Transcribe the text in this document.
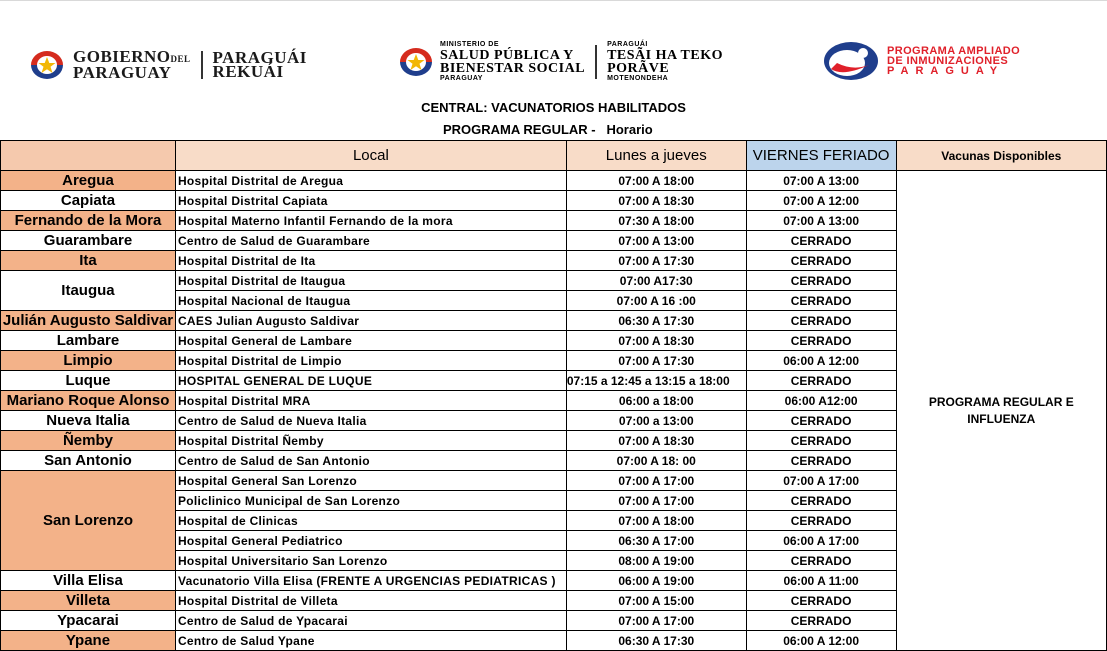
GOBIERNODEL
PARAGUAY
PARAGUÁI
REKUÁI
MINISTERIO DE
SALUD PÚBLICA Y
BIENESTAR SOCIAL
PARAGUAY
PARAGUÁI
TESÃI HA TEKO
PORÃVE
MOTENONDEHA
PROGRAMA AMPLIADO
DE INMUNIZACIONES
PARAGUAY
CENTRAL: VACUNATORIOS HABILITADOS
PROGRAMA REGULAR -   Horario
	Local	Lunes a jueves	VIERNES FERIADO	Vacunas Disponibles
Aregua	Hospital Distrital de Aregua	07:00 A 18:00	07:00 A 13:00	PROGRAMA REGULAR E INFLUENZA

Capiata	Hospital Distrital Capiata	07:00 A 18:30	07:00 A 12:00	
Fernando de la Mora	Hospital Materno Infantil Fernando de la mora	07:30 A 18:00	07:00 A 13:00	
Guarambare	Centro de Salud de Guarambare	07:00 A 13:00	CERRADO	
Ita	Hospital Distrital de Ita	07:00 A 17:30	CERRADO	
Itaugua	Hospital Distrital de Itaugua	07:00 A17:30	CERRADO	
	Hospital Nacional de Itaugua	07:00 A 16 :00	CERRADO	
Julián Augusto Saldivar	CAES Julian Augusto Saldivar	06:30 A 17:30	CERRADO	
Lambare	Hospital General de Lambare	07:00 A 18:30	CERRADO	
Limpio	Hospital Distrital de Limpio	07:00 A 17:30	06:00 A 12:00	
Luque	HOSPITAL GENERAL DE LUQUE	07:15 a 12:45 a 13:15 a 18:00	CERRADO	
Mariano Roque Alonso	Hospital Distrital MRA	06:00 a 18:00	06:00 A12:00	
Nueva Italia	Centro de Salud de Nueva Italia	07:00 a 13:00	CERRADO	
Ñemby	Hospital Distrital Ñemby	07:00 A 18:30	CERRADO	
San Antonio	Centro de Salud de San Antonio	07:00 A 18: 00	CERRADO	
San Lorenzo	Hospital General San Lorenzo	07:00 A 17:00	07:00 A 17:00	
	Policlinico Municipal de San Lorenzo	07:00 A 17:00	CERRADO	
	Hospital de Clinicas	07:00 A 18:00	CERRADO	
	Hospital General Pediatrico	06:30 A 17:00	06:00 A 17:00	
	Hospital Universitario San Lorenzo	08:00 A 19:00	CERRADO	
Villa Elisa	Vacunatorio Villa Elisa (FRENTE A URGENCIAS PEDIATRICAS )	06:00 A 19:00	06:00 A 11:00	
Villeta	Hospital Distrital de Villeta	07:00 A 15:00	CERRADO	
Ypacarai	Centro de Salud de Ypacarai	07:00 A 17:00	CERRADO	
Ypane	Centro de Salud Ypane	06:30 A 17:30	06:00 A 12:00	
